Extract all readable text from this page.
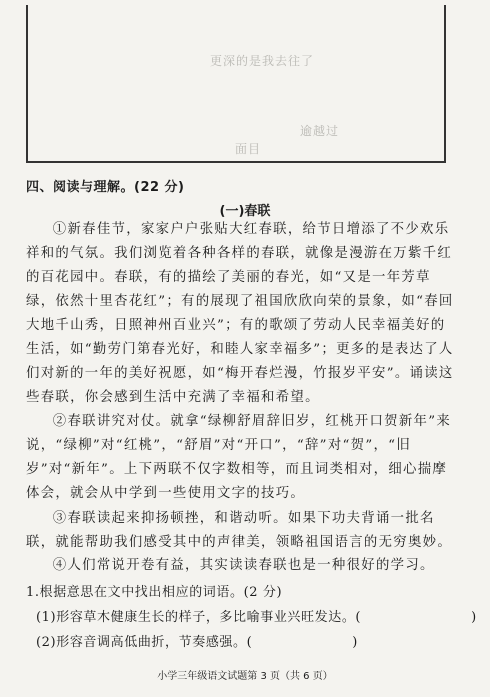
更深的是我去往了
逾越过
面目
四、阅读与理解。(22 分)
(一)春联

①新春佳节，家家户户张贴大红春联，给节日增添了不少欢乐祥和的气氛。我们浏览着各种各样的春联，就像是漫游在万紫千红的百花园中。春联，有的描绘了美丽的春光，如“又是一年芳草绿，依然十里杏花红”；有的展现了祖国欣欣向荣的景象，如“春回大地千山秀，日照神州百业兴”；有的歌颂了劳动人民幸福美好的生活，如“勤劳门第春光好，和睦人家幸福多”；更多的是表达了人们对新的一年的美好祝愿，如“梅开春烂漫，竹报岁平安”。诵读这些春联，你会感到生活中充满了幸福和希望。

②春联讲究对仗。就拿“绿柳舒眉辞旧岁，红桃开口贺新年”来说，“绿柳”对“红桃”，“舒眉”对“开口”，“辞”对“贺”，“旧岁”对“新年”。上下两联不仅字数相等，而且词类相对，细心揣摩体会，就会从中学到一些使用文字的技巧。

③春联读起来抑扬顿挫，和谐动听。如果下功夫背诵一批名联，就能帮助我们感受其中的声律美，领略祖国语言的无穷奥妙。

④人们常说开卷有益，其实读读春联也是一种很好的学习。

1.根据意思在文中找出相应的词语。(2 分)
(1)形容草木健康生长的样子，多比喻事业兴旺发达。(	)
(2)形容音调高低曲折，节奏感强。(	)
小学三年级语文试题第 3 页（共 6 页）
